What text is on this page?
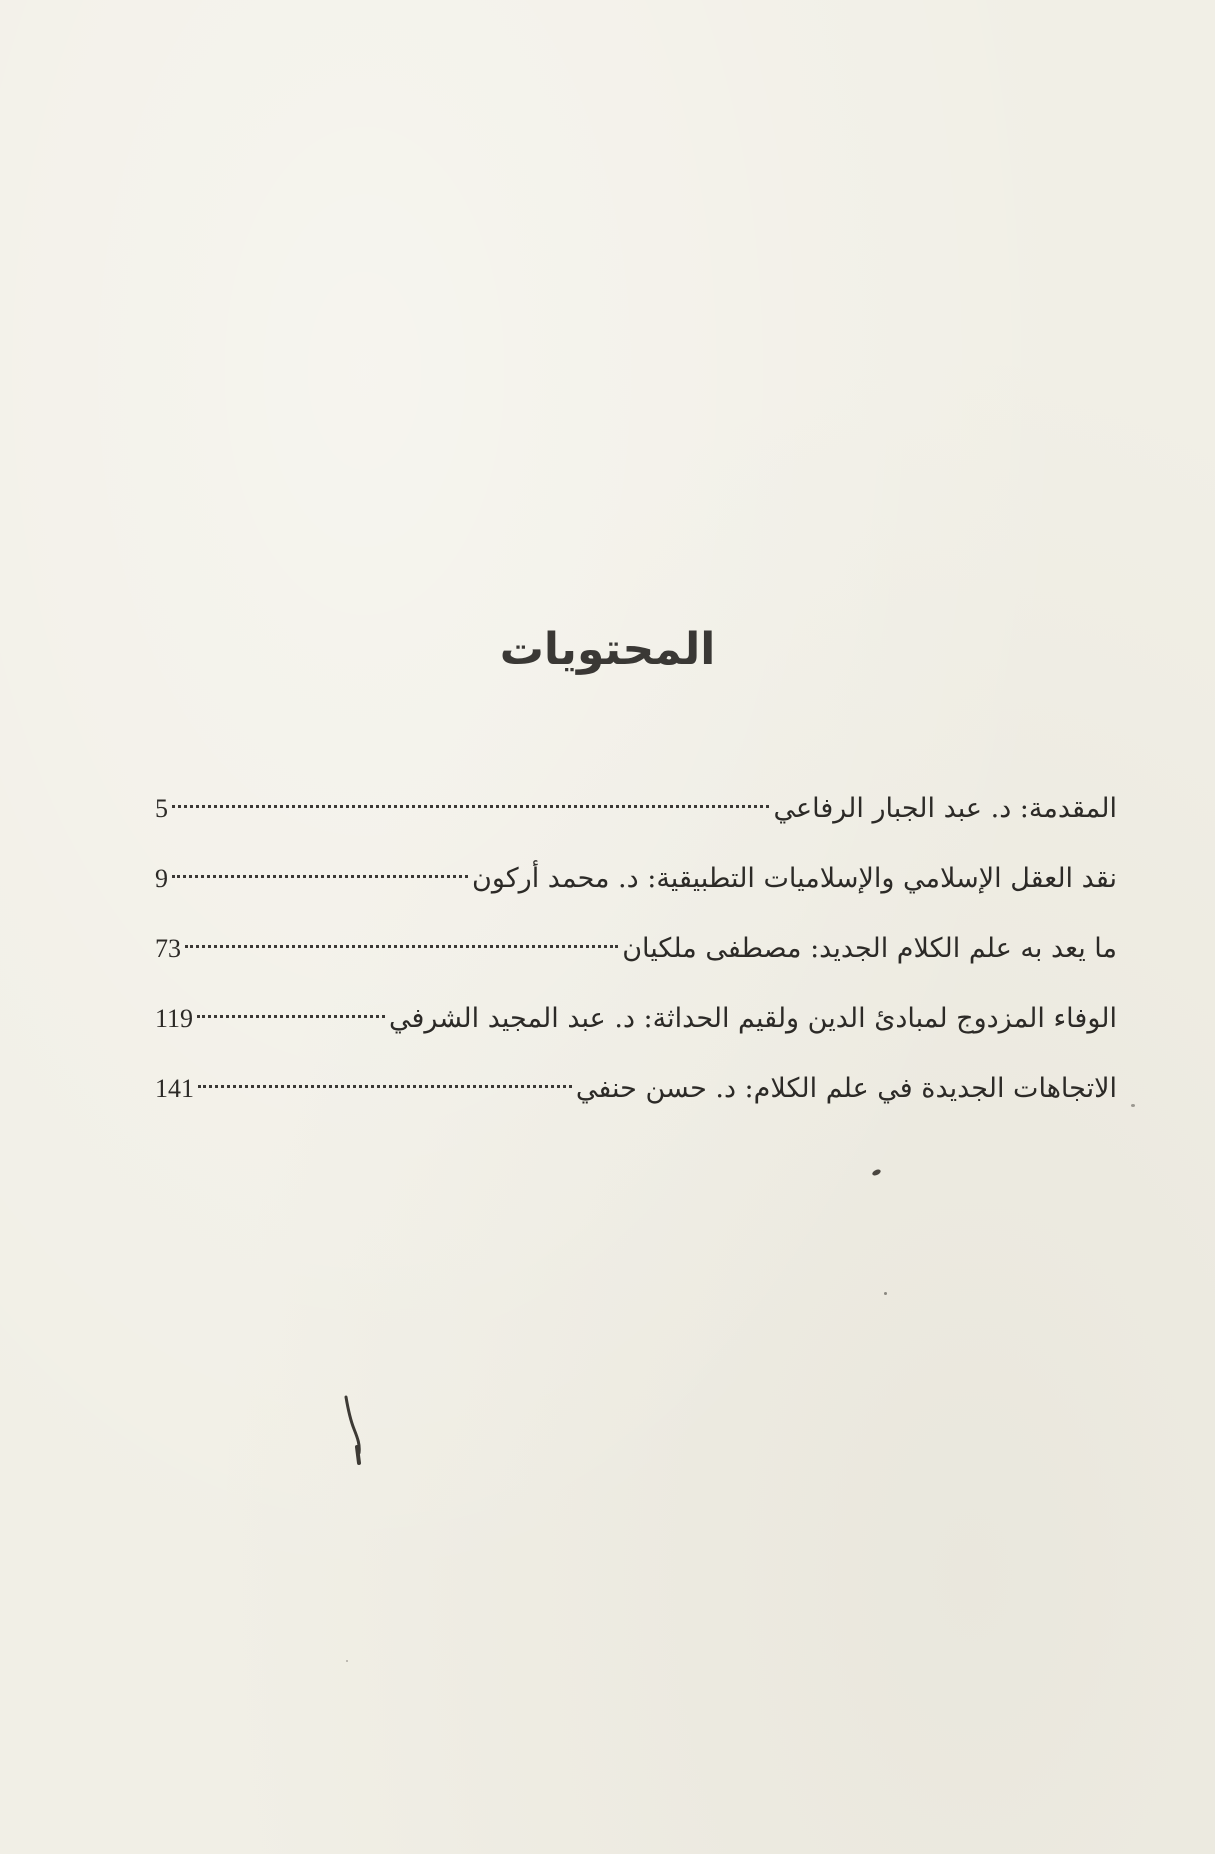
المحتويات
المقدمة: د. عبد الجبار الرفاعي
5
نقد العقل الإسلامي والإسلاميات التطبيقية: د. محمد أركون
9
ما يعد به علم الكلام الجديد: مصطفى ملكيان
73
الوفاء المزدوج لمبادئ الدين ولقيم الحداثة: د. عبد المجيد الشرفي
119
الاتجاهات الجديدة في علم الكلام: د. حسن حنفي
141
